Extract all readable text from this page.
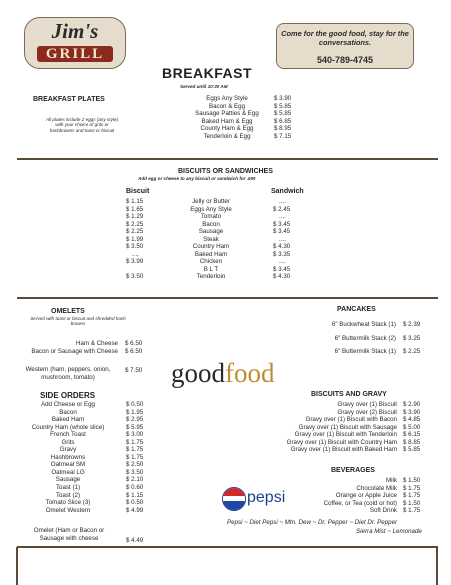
Jim's
GRILL
Come for the good food, stay for the conversations.
540-789-4745
BREAKFAST
Served until 10:30 AM
BREAKFAST PLATES
All plates include 2 eggs (any style) with your choice of grits or hashbrowns and toast or biscuit
Eggs Any Style
Bacon & Egg
Sausage Patties & Egg
Baked Ham & Egg
County Ham & Egg
Tenderloin & Egg
$ 3.90
$ 5.85
$ 5.85
$ 6.85
$ 8.95
$ 7.15
BISCUITS OR SANDWICHES
Add egg or cheese to any biscuit or sandwich for .50¢
Biscuit	Sandwich
$ 1.15
$ 1.65
$ 1.29
$ 2.25
$ 2.25
$ 1.99
$ 3.50
....
$ 3.99

$ 3.50
Jelly or Butter
Eggs Any Style
Tomato
Bacon
Sausage
Steak
Country Ham
Baked Ham
Chicken
B L T
Tenderloin
....
$ 2.45
....
$ 3.45
$ 3.45
....
$ 4.30
$ 3.35
....
$ 3.45
$ 4.30
OMELETS
Served with toast or biscuit and shredded hash browns
Ham & Cheese
Bacon or Sausage with Cheese
$ 6.50
$ 6.50
Western (ham, peppers, onion, mushroom, tomato)
$ 7.50
SIDE ORDERS
Add Cheese or Egg
Bacon
Baked Ham
Country Ham (whole slice)
French Toast
Grits
Gravy
Hashbrowns
Oatmeal SM
Oatmeal LG
Sausage
Toast (1)
Toast (2)
Tomato Slice (3)
Omelet Western
$ 0.50
$ 1.95
$ 2.95
$ 5.95
$ 3.00
$ 1.75
$ 1.75
$ 1.75
$ 2.50
$ 3.50
$ 2.10
$ 0.60
$ 1.15
$ 0.50
$ 4.99
Omelet (Ham or Bacon or Sausage with cheese	$ 4.49
PANCAKES
6" Buckwheat Stack (1) $ 2.39
6" Buttermilk Stack (2) $ 3.25
6" Buttermilk Stack (1) $ 2.25
goodfood
BISCUITS AND GRAVY
Gravy over (1) Biscuit
Gravy over (2) Biscuit
Gravy over (1) Biscuit with Bacon
Gravy over (1) Biscuit with Sausage
Gravy over (1) Biscuit with Tenderloin
Gravy over (1) Biscuit with Country Ham
Gravy over (1) Biscuit with Baked Ham
$ 2.90
$ 3.90
$ 4.85
$ 5.00
$ 6.15
$ 8.85
$ 5.85
BEVERAGES
Milk
Chocolate Milk
Orange or Apple Juice
Coffee, or Tea (cold or hot)
Soft Drink
$ 1.50
$ 1.75
$ 1.75
$ 1.50
$ 1.75
Pepsi ~ Diet Pepsi ~ Mtn. Dew ~ Dr. Pepper ~ Diet Dr. Pepper
Sierra Mist ~ Lemonade
pepsi
